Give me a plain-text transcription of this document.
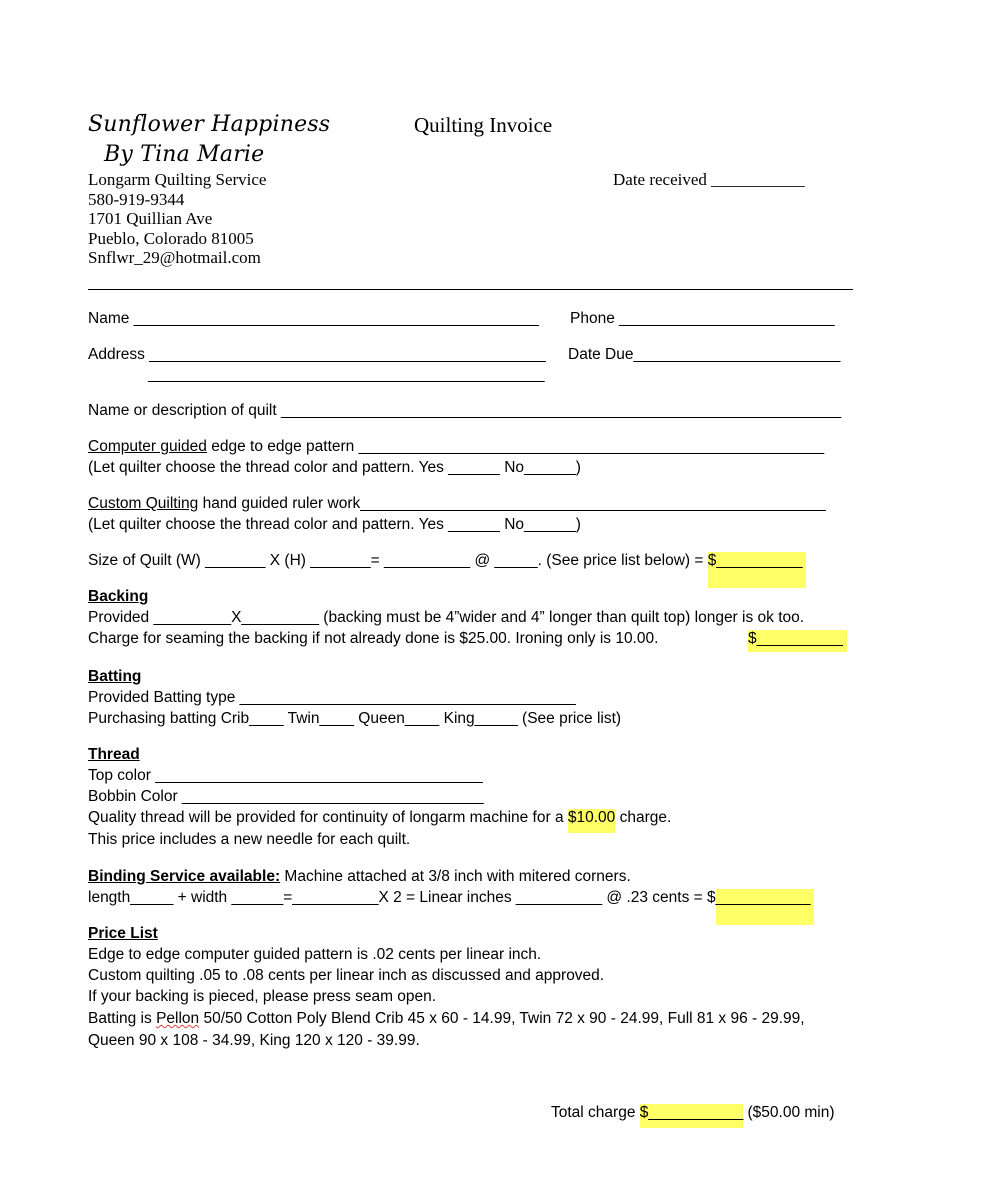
Sunflower Happiness
By Tina Marie
Longarm Quilting Service
580-919-9344
1701 Quillian Ave
Pueblo, Colorado 81005
Snflwr_29@hotmail.com
Quilting Invoice
Date received ___________
Name _______________________________________________ Phone _________________________
Address ______________________________________________ Date Due________________________
______________________________________________
Name or description of quilt _________________________________________________________________
Computer guided edge to edge pattern ______________________________________________________
(Let quilter choose the thread color and pattern. Yes ______ No______)
Custom Quilting hand guided ruler work______________________________________________________
(Let quilter choose the thread color and pattern. Yes ______ No______)
Size of Quilt (W) _______ X (H) _______= __________ @ _____. (See price list below) = $__________
Backing
Provided _________X_________ (backing must be 4”wider and 4” longer than quilt top) longer is ok too.
Charge for seaming the backing if not already done is $25.00. Ironing only is 10.00.	$__________
Batting
Provided Batting type _______________________________________
Purchasing batting Crib____ Twin____ Queen____ King_____ (See price list)
Thread
Top color ______________________________________
Bobbin Color ___________________________________
Quality thread will be provided for continuity of longarm machine for a $10.00 charge.
This price includes a new needle for each quilt.
Binding Service available: Machine attached at 3/8 inch with mitered corners.
length_____ + width ______=__________X 2 = Linear inches __________ @ .23 cents = $___________
Price List
Edge to edge computer guided pattern is .02 cents per linear inch.
Custom quilting .05 to .08 cents per linear inch as discussed and approved.
If your backing is pieced, please press seam open.
Batting is Pellon 50/50 Cotton Poly Blend Crib 45 x 60 - 14.99, Twin 72 x 90 - 24.99, Full 81 x 96 - 29.99,
Queen 90 x 108 - 34.99, King 120 x 120 - 39.99.
Total charge $___________ ($50.00 min)
